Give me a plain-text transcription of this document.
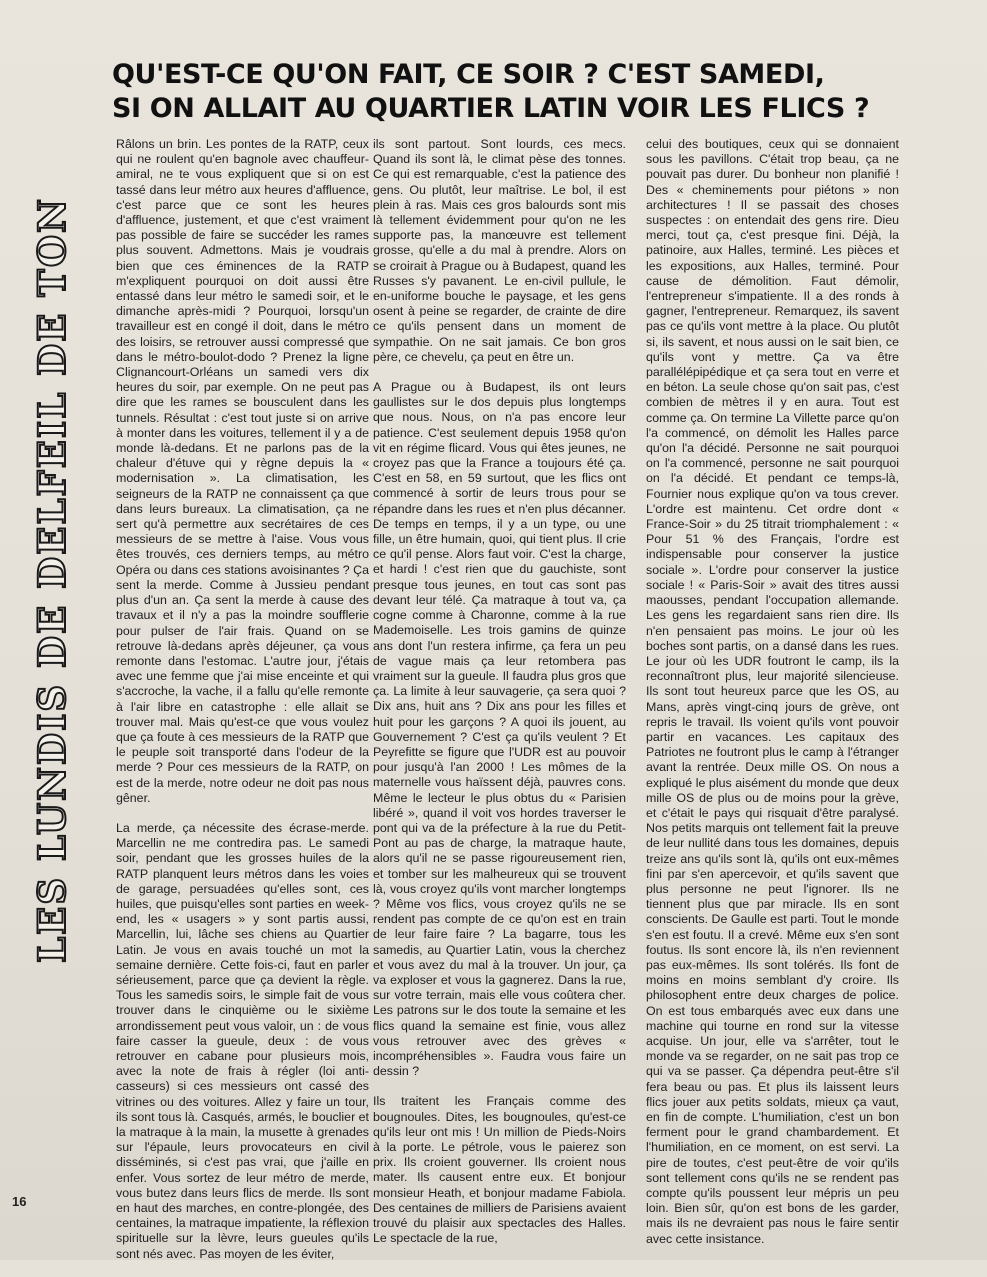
LES LUNDIS DE DELFEIL DE TON
QU'EST-CE QU'ON FAIT, CE SOIR ? C'EST SAMEDI,
SI ON ALLAIT AU QUARTIER LATIN VOIR LES FLICS ?

Râlons un brin. Les pontes de la RATP, ceux qui ne roulent qu'en bagnole avec chauffeur-amiral, ne te vous expliquent que si on est tassé dans leur métro aux heures d'affluence, c'est parce que ce sont les heures d'affluence, justement, et que c'est vraiment pas possible de faire se succéder les rames plus souvent. Admettons. Mais je voudrais bien que ces éminences de la RATP m'expliquent pourquoi on doit aussi être entassé dans leur métro le samedi soir, et le dimanche après-midi ? Pourquoi, lorsqu'un travailleur est en congé il doit, dans le métro des loisirs, se retrouver aussi compressé que dans le métro-boulot-dodo ? Prenez la ligne Clignancourt-Orléans un samedi vers dix heures du soir, par exemple. On ne peut pas dire que les rames se bousculent dans les tunnels. Résultat : c'est tout juste si on arrive à monter dans les voitures, tellement il y a de monde là-dedans. Et ne parlons pas de la chaleur d'étuve qui y règne depuis la « modernisation ». La climatisation, les seigneurs de la RATP ne connaissent ça que dans leurs bureaux. La climatisation, ça ne sert qu'à permettre aux secrétaires de ces messieurs de se mettre à l'aise. Vous vous êtes trouvés, ces derniers temps, au métro Opéra ou dans ces stations avoisinantes ? Ça sent la merde. Comme à Jussieu pendant plus d'un an. Ça sent la merde à cause des travaux et il n'y a pas la moindre soufflerie pour pulser de l'air frais. Quand on se retrouve là-dedans après déjeuner, ça vous remonte dans l'estomac. L'autre jour, j'étais avec une femme que j'ai mise enceinte et qui s'accroche, la vache, il a fallu qu'elle remonte à l'air libre en catastrophe : elle allait se trouver mal. Mais qu'est-ce que vous voulez que ça foute à ces messieurs de la RATP que le peuple soit transporté dans l'odeur de la merde ? Pour ces messieurs de la RATP, on est de la merde, notre odeur ne doit pas nous gêner.

La merde, ça nécessite des écrase-merde. Marcellin ne me contredira pas. Le samedi soir, pendant que les grosses huiles de la RATP planquent leurs métros dans les voies de garage, persuadées qu'elles sont, ces huiles, que puisqu'elles sont parties en week-end, les « usagers » y sont partis aussi, Marcellin, lui, lâche ses chiens au Quartier Latin. Je vous en avais touché un mot la semaine dernière. Cette fois-ci, faut en parler sérieusement, parce que ça devient la règle. Tous les samedis soirs, le simple fait de vous trouver dans le cinquième ou le sixième arrondissement peut vous valoir, un : de vous faire casser la gueule, deux : de vous retrouver en cabane pour plusieurs mois, avec la note de frais à régler (loi anti-casseurs) si ces messieurs ont cassé des vitrines ou des voitures. Allez y faire un tour, ils sont tous là. Casqués, armés, le bouclier et la matraque à la main, la musette à grenades sur l'épaule, leurs provocateurs en civil disséminés, si c'est pas vrai, que j'aille en enfer. Vous sortez de leur métro de merde, vous butez dans leurs flics de merde. Ils sont en haut des marches, en contre-plongée, des centaines, la matraque impatiente, la réflexion spirituelle sur la lèvre, leurs gueules qu'ils sont nés avec. Pas moyen de les éviter,

ils sont partout. Sont lourds, ces mecs. Quand ils sont là, le climat pèse des tonnes. Ce qui est remarquable, c'est la patience des gens. Ou plutôt, leur maîtrise. Le bol, il est plein à ras. Mais ces gros balourds sont mis là tellement évidemment pour qu'on ne les supporte pas, la manœuvre est tellement grosse, qu'elle a du mal à prendre. Alors on se croirait à Prague ou à Budapest, quand les Russes s'y pavanent. Le en-civil pullule, le en-uniforme bouche le paysage, et les gens osent à peine se regarder, de crainte de dire ce qu'ils pensent dans un moment de sympathie. On ne sait jamais. Ce bon gros père, ce chevelu, ça peut en être un.

A Prague ou à Budapest, ils ont leurs gaullistes sur le dos depuis plus longtemps que nous. Nous, on n'a pas encore leur patience. C'est seulement depuis 1958 qu'on vit en régime flicard. Vous qui êtes jeunes, ne croyez pas que la France a toujours été ça. C'est en 58, en 59 surtout, que les flics ont commencé à sortir de leurs trous pour se répandre dans les rues et n'en plus décanner. De temps en temps, il y a un type, ou une fille, un être humain, quoi, qui tient plus. Il crie ce qu'il pense. Alors faut voir. C'est la charge, et hardi ! c'est rien que du gauchiste, sont presque tous jeunes, en tout cas sont pas devant leur télé. Ça matraque à tout va, ça cogne comme à Charonne, comme à la rue Mademoiselle. Les trois gamins de quinze ans dont l'un restera infirme, ça fera un peu de vague mais ça leur retombera pas vraiment sur la gueule. Il faudra plus gros que ça. La limite à leur sauvagerie, ça sera quoi ? Dix ans, huit ans ? Dix ans pour les filles et huit pour les garçons ? A quoi ils jouent, au Gouvernement ? C'est ça qu'ils veulent ? Et Peyrefitte se figure que l'UDR est au pouvoir pour jusqu'à l'an 2000 ! Les mômes de la maternelle vous haïssent déjà, pauvres cons. Même le lecteur le plus obtus du « Parisien libéré », quand il voit vos hordes traverser le pont qui va de la préfecture à la rue du Petit-Pont au pas de charge, la matraque haute, alors qu'il ne se passe rigoureusement rien, et tomber sur les malheureux qui se trouvent là, vous croyez qu'ils vont marcher longtemps ? Même vos flics, vous croyez qu'ils ne se rendent pas compte de ce qu'on est en train de leur faire faire ? La bagarre, tous les samedis, au Quartier Latin, vous la cherchez et vous avez du mal à la trouver. Un jour, ça va exploser et vous la gagnerez. Dans la rue, sur votre terrain, mais elle vous coûtera cher. Les patrons sur le dos toute la semaine et les flics quand la semaine est finie, vous allez vous retrouver avec des grèves « incompréhensibles ». Faudra vous faire un dessin ?

Ils traitent les Français comme des bougnoules. Dites, les bougnoules, qu'est-ce qu'ils leur ont mis ! Un million de Pieds-Noirs à la porte. Le pétrole, vous le paierez son prix. Ils croient gouverner. Ils croient nous mater. Ils causent entre eux. Et bonjour monsieur Heath, et bonjour madame Fabiola. Des centaines de milliers de Parisiens avaient trouvé du plaisir aux spectacles des Halles. Le spectacle de la rue,

celui des boutiques, ceux qui se donnaient sous les pavillons. C'était trop beau, ça ne pouvait pas durer. Du bonheur non planifié ! Des « cheminements pour piétons » non architectures ! Il se passait des choses suspectes : on entendait des gens rire. Dieu merci, tout ça, c'est presque fini. Déjà, la patinoire, aux Halles, terminé. Les pièces et les expositions, aux Halles, terminé. Pour cause de démolition. Faut démolir, l'entrepreneur s'impatiente. Il a des ronds à gagner, l'entrepreneur. Remarquez, ils savent pas ce qu'ils vont mettre à la place. Ou plutôt si, ils savent, et nous aussi on le sait bien, ce qu'ils vont y mettre. Ça va être parallélépipédique et ça sera tout en verre et en béton. La seule chose qu'on sait pas, c'est combien de mètres il y en aura. Tout est comme ça. On termine La Villette parce qu'on l'a commencé, on démolit les Halles parce qu'on l'a décidé. Personne ne sait pourquoi on l'a commencé, personne ne sait pourquoi on l'a décidé. Et pendant ce temps-là, Fournier nous explique qu'on va tous crever. L'ordre est maintenu. Cet ordre dont « France-Soir » du 25 titrait triomphalement : « Pour 51 % des Français, l'ordre est indispensable pour conserver la justice sociale ». L'ordre pour conserver la justice sociale ! « Paris-Soir » avait des titres aussi maousses, pendant l'occupation allemande. Les gens les regardaient sans rien dire. Ils n'en pensaient pas moins. Le jour où les boches sont partis, on a dansé dans les rues. Le jour où les UDR foutront le camp, ils la reconnaîtront plus, leur majorité silencieuse. Ils sont tout heureux parce que les OS, au Mans, après vingt-cinq jours de grève, ont repris le travail. Ils voient qu'ils vont pouvoir partir en vacances. Les capitaux des Patriotes ne foutront plus le camp à l'étranger avant la rentrée. Deux mille OS. On nous a expliqué le plus aisément du monde que deux mille OS de plus ou de moins pour la grève, et c'était le pays qui risquait d'être paralysé. Nos petits marquis ont tellement fait la preuve de leur nullité dans tous les domaines, depuis treize ans qu'ils sont là, qu'ils ont eux-mêmes fini par s'en apercevoir, et qu'ils savent que plus personne ne peut l'ignorer. Ils ne tiennent plus que par miracle. Ils en sont conscients. De Gaulle est parti. Tout le monde s'en est foutu. Il a crevé. Même eux s'en sont foutus. Ils sont encore là, ils n'en reviennent pas eux-mêmes. Ils sont tolérés. Ils font de moins en moins semblant d'y croire. Ils philosophent entre deux charges de police. On est tous embarqués avec eux dans une machine qui tourne en rond sur la vitesse acquise. Un jour, elle va s'arrêter, tout le monde va se regarder, on ne sait pas trop ce qui va se passer. Ça dépendra peut-être s'il fera beau ou pas. Et plus ils laissent leurs flics jouer aux petits soldats, mieux ça vaut, en fin de compte. L'humiliation, c'est un bon ferment pour le grand chambardement. Et l'humiliation, en ce moment, on est servi. La pire de toutes, c'est peut-être de voir qu'ils sont tellement cons qu'ils ne se rendent pas compte qu'ils poussent leur mépris un peu loin. Bien sûr, qu'on est bons de les garder, mais ils ne devraient pas nous le faire sentir avec cette insistance.

16
